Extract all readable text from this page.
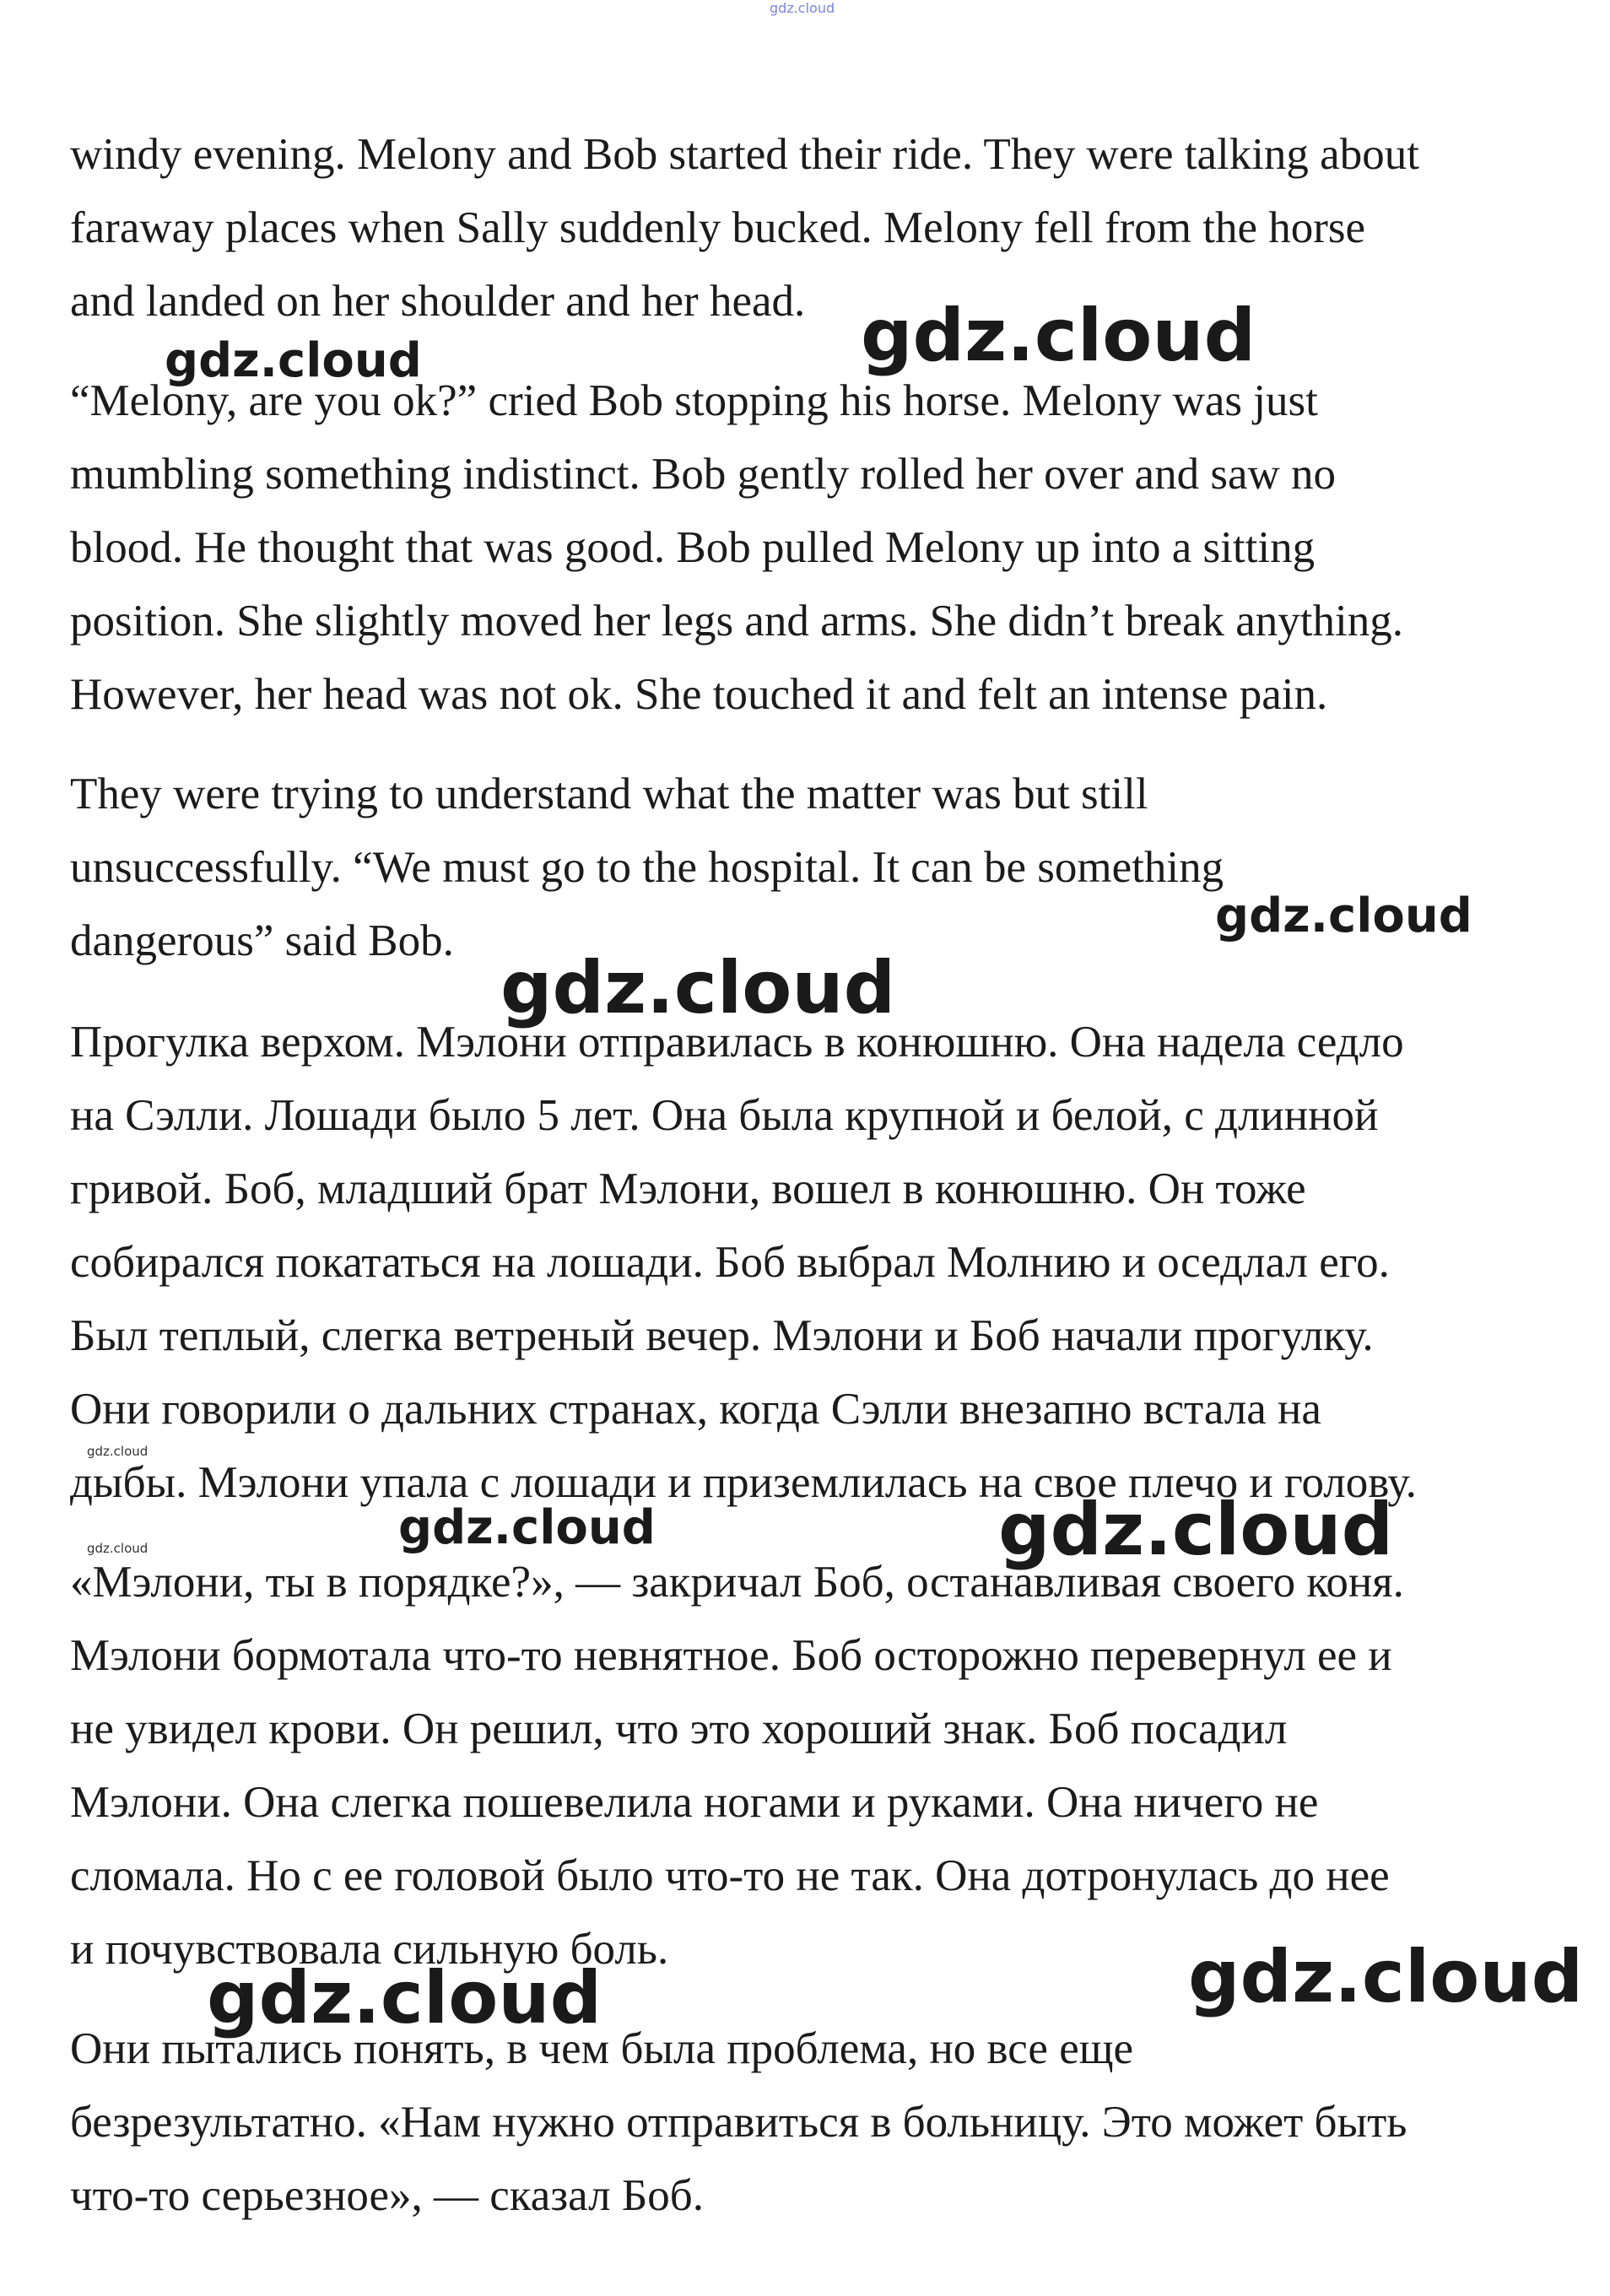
gdz.cloud
windy evening. Melony and Bob started their ride. They were talking about
faraway places when Sally suddenly bucked. Melony fell from the horse
and landed on her shoulder and her head.
“Melony, are you ok?” cried Bob stopping his horse. Melony was just
mumbling something indistinct. Bob gently rolled her over and saw no
blood. He thought that was good. Bob pulled Melony up into a sitting
position. She slightly moved her legs and arms. She didn’t break anything.
However, her head was not ok. She touched it and felt an intense pain.
They were trying to understand what the matter was but still
unsuccessfully. “We must go to the hospital. It can be something
dangerous” said Bob.
Прогулка верхом. Мэлони отправилась в конюшню. Она надела седло
на Сэлли. Лошади было 5 лет. Она была крупной и белой, с длинной
гривой. Боб, младший брат Мэлони, вошел в конюшню. Он тоже
собирался покататься на лошади. Боб выбрал Молнию и оседлал его.
Был теплый, слегка ветреный вечер. Мэлони и Боб начали прогулку.
Они говорили о дальних странах, когда Сэлли внезапно встала на
дыбы. Мэлони упала с лошади и приземлилась на свое плечо и голову.
«Мэлони, ты в порядке?», — закричал Боб, останавливая своего коня.
Мэлони бормотала что-то невнятное. Боб осторожно перевернул ее и
не увидел крови. Он решил, что это хороший знак. Боб посадил
Мэлони. Она слегка пошевелила ногами и руками. Она ничего не
сломала. Но с ее головой было что-то не так. Она дотронулась до нее
и почувствовала сильную боль.
Они пытались понять, в чем была проблема, но все еще
безрезультатно. «Нам нужно отправиться в больницу. Это может быть
что-то серьезное», — сказал Боб.
gdz.cloud	gdz.cloud
gdz.cloud
gdz.cloud
gdz.cloud
gdz.cloud	gdz.cloud
gdz.cloud
gdz.cloud
gdz.cloud
